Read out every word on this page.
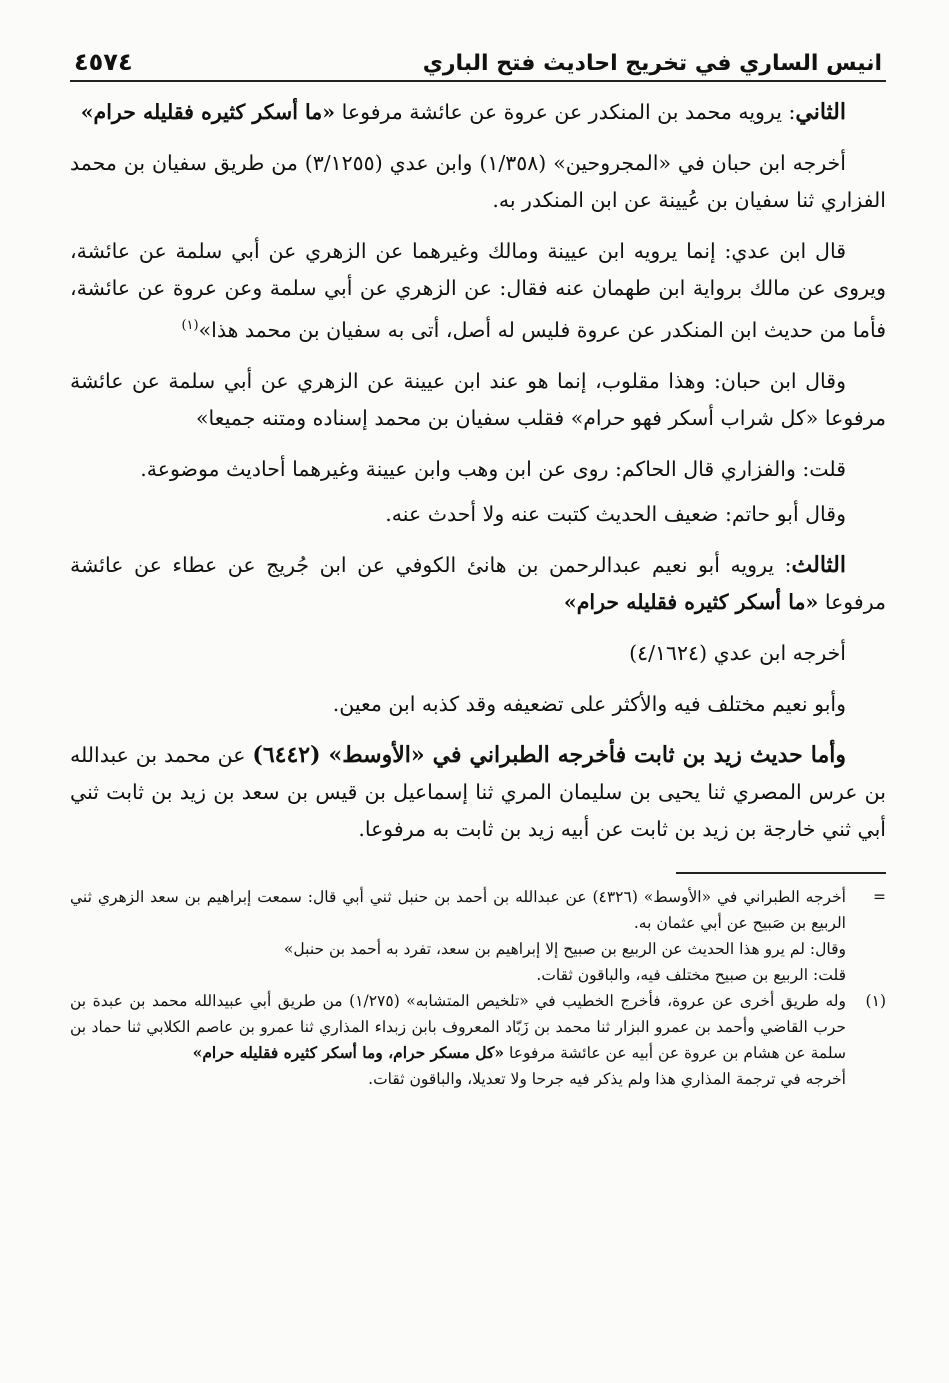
انيس الساري في تخريج احاديث فتح الباري
٤٥٧٤

الثاني: يرويه محمد بن المنكدر عن عروة عن عائشة مرفوعا «ما أسكر كثيره فقليله حرام»

أخرجه ابن حبان في «المجروحين» (١/٣٥٨) وابن عدي (٣/١٢٥٥) من طريق سفيان بن محمد الفزاري ثنا سفيان بن عُيينة عن ابن المنكدر به.

قال ابن عدي: إنما يرويه ابن عيينة ومالك وغيرهما عن الزهري عن أبي سلمة عن عائشة، ويروى عن مالك برواية ابن طهمان عنه فقال: عن الزهري عن أبي سلمة وعن عروة عن عائشة، فأما من حديث ابن المنكدر عن عروة فليس له أصل، أتى به سفيان بن محمد هذا»$^{(١)}$

وقال ابن حبان: وهذا مقلوب، إنما هو عند ابن عيينة عن الزهري عن أبي سلمة عن عائشة مرفوعا «كل شراب أسكر فهو حرام» فقلب سفيان بن محمد إسناده ومتنه جميعا»

قلت: والفزاري قال الحاكم: روى عن ابن وهب وابن عيينة وغيرهما أحاديث موضوعة.

وقال أبو حاتم: ضعيف الحديث كتبت عنه ولا أحدث عنه.

الثالث: يرويه أبو نعيم عبدالرحمن بن هانئ الكوفي عن ابن جُريج عن عطاء عن عائشة مرفوعا «ما أسكر كثيره فقليله حرام»

أخرجه ابن عدي (٤/١٦٢٤)

وأبو نعيم مختلف فيه والأكثر على تضعيفه وقد كذبه ابن معين.

وأما حديث زيد بن ثابت فأخرجه الطبراني في «الأوسط» (٦٤٤٢) عن محمد بن عبدالله بن عرس المصري ثنا يحيى بن سليمان المري ثنا إسماعيل بن قيس بن سعد بن زيد بن ثابت ثني أبي ثني خارجة بن زيد بن ثابت عن أبيه زيد بن ثابت به مرفوعا.

=

أخرجه الطبراني في «الأوسط» (٤٣٢٦) عن عبدالله بن أحمد بن حنبل ثني أبي قال: سمعت إبراهيم بن سعد الزهري ثني الربيع بن صَبيح عن أبي عثمان به.

وقال: لم يرو هذا الحديث عن الربيع بن صبيح إلا إبراهيم بن سعد، تفرد به أحمد بن حنبل»

قلت: الربيع بن صبيح مختلف فيه، والباقون ثقات.

(١)

وله طريق أخرى عن عروة، فأخرج الخطيب في «تلخيص المتشابه» (١/٢٧٥) من طريق أبي عبيدالله محمد بن عبدة بن حرب القاضي وأحمد بن عمرو البزار ثنا محمد بن زَبّاد المعروف بابن زبداء المذاري ثنا عمرو بن عاصم الكلابي ثنا حماد بن سلمة عن هشام بن عروة عن أبيه عن عائشة مرفوعا «كل مسكر حرام، وما أسكر كثيره فقليله حرام»

أخرجه في ترجمة المذاري هذا ولم يذكر فيه جرحا ولا تعديلا، والباقون ثقات.
